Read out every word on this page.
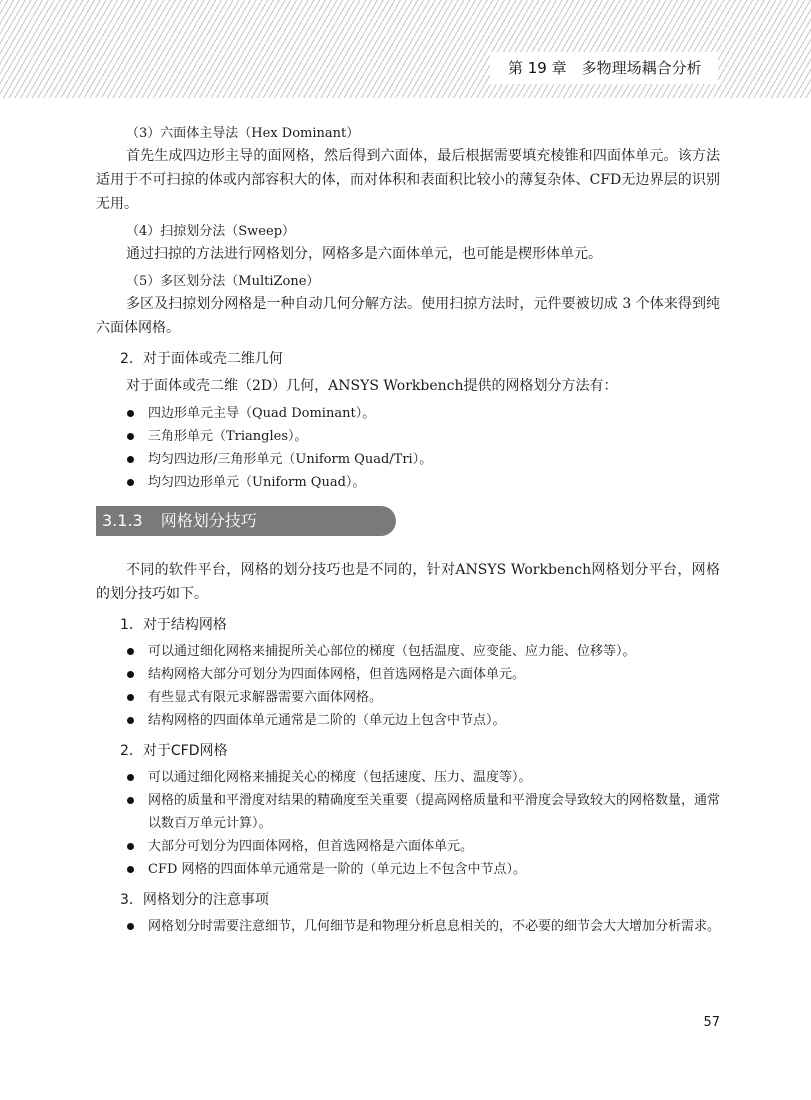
第 19 章　多物理场耦合分析
（3）六面体主导法（Hex Dominant）
首先生成四边形主导的面网格，然后得到六面体，最后根据需要填充棱锥和四面体单元。该方法适用于不可扫掠的体或内部容积大的体，而对体积和表面积比较小的薄复杂体、CFD无边界层的识别无用。
（4）扫掠划分法（Sweep）
通过扫掠的方法进行网格划分，网格多是六面体单元，也可能是楔形体单元。
（5）多区划分法（MultiZone）
多区及扫掠划分网格是一种自动几何分解方法。使用扫掠方法时，元件要被切成 3 个体来得到纯六面体网格。
2．对于面体或壳二维几何
对于面体或壳二维（2D）几何，ANSYS Workbench提供的网格划分方法有：
四边形单元主导（Quad Dominant）。
三角形单元（Triangles）。
均匀四边形/三角形单元（Uniform Quad/Tri）。
均匀四边形单元（Uniform Quad）。
3.1.3 网格划分技巧
不同的软件平台，网格的划分技巧也是不同的，针对ANSYS Workbench网格划分平台，网格的划分技巧如下。
1．对于结构网格
可以通过细化网格来捕捉所关心部位的梯度（包括温度、应变能、应力能、位移等）。
结构网格大部分可划分为四面体网格，但首选网格是六面体单元。
有些显式有限元求解器需要六面体网格。
结构网格的四面体单元通常是二阶的（单元边上包含中节点）。
2．对于CFD网格
可以通过细化网格来捕捉关心的梯度（包括速度、压力、温度等）。
网格的质量和平滑度对结果的精确度至关重要（提高网格质量和平滑度会导致较大的网格数量，通常以数百万单元计算）。
大部分可划分为四面体网格，但首选网格是六面体单元。
CFD 网格的四面体单元通常是一阶的（单元边上不包含中节点）。
3．网格划分的注意事项
网格划分时需要注意细节，几何细节是和物理分析息息相关的，不必要的细节会大大增加分析需求。
57
